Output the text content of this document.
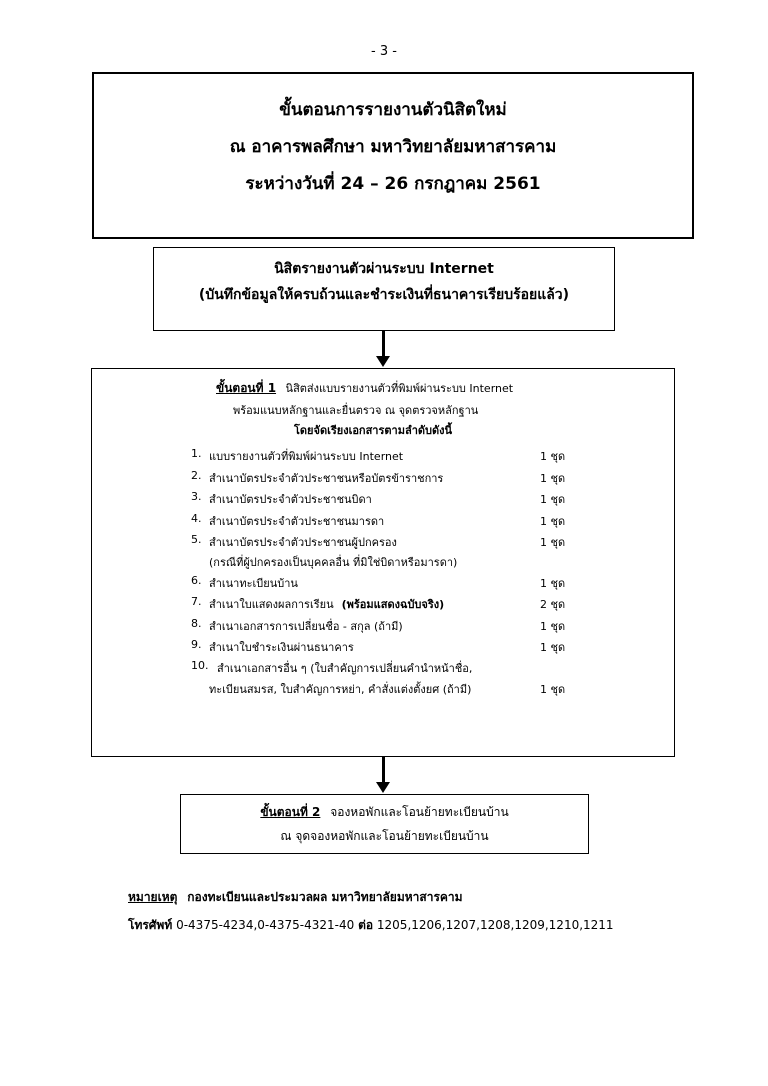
- 3 -
ขั้นตอนการรายงานตัวนิสิตใหม่
ณ อาคารพลศึกษา มหาวิทยาลัยมหาสารคาม
ระหว่างวันที่ 24 – 26 กรกฎาคม 2561
นิสิตรายงานตัวผ่านระบบ Internet
(บันทึกข้อมูลให้ครบถ้วนและชำระเงินที่ธนาคารเรียบร้อยแล้ว)
ขั้นตอนที่ 1 นิสิตส่งแบบรายงานตัวที่พิมพ์ผ่านระบบ Internet
พร้อมแนบหลักฐานและยื่นตรวจ ณ จุดตรวจหลักฐาน
โดยจัดเรียงเอกสารตามลำดับดังนี้
1. แบบรายงานตัวที่พิมพ์ผ่านระบบ Internet	1 ชุด
2. สำเนาบัตรประจำตัวประชาชนหรือบัตรข้าราชการ	1 ชุด
3. สำเนาบัตรประจำตัวประชาชนบิดา	1 ชุด
4. สำเนาบัตรประจำตัวประชาชนมารดา	1 ชุด
5. สำเนาบัตรประจำตัวประชาชนผู้ปกครอง	1 ชุด
(กรณีที่ผู้ปกครองเป็นบุคคลอื่น ที่มิใช่บิดาหรือมารดา)
6. สำเนาทะเบียนบ้าน	1 ชุด
7. สำเนาใบแสดงผลการเรียน (พร้อมแสดงฉบับจริง)	2 ชุด
8. สำเนาเอกสารการเปลี่ยนชื่อ - สกุล (ถ้ามี)	1 ชุด
9. สำเนาใบชำระเงินผ่านธนาคาร	1 ชุด
10. สำเนาเอกสารอื่น ๆ (ใบสำคัญการเปลี่ยนคำนำหน้าชื่อ,
ทะเบียนสมรส, ใบสำคัญการหย่า, คำสั่งแต่งตั้งยศ (ถ้ามี)	1 ชุด
ขั้นตอนที่ 2 จองหอพักและโอนย้ายทะเบียนบ้าน
ณ จุดจองหอพักและโอนย้ายทะเบียนบ้าน
หมายเหตุ กองทะเบียนและประมวลผล มหาวิทยาลัยมหาสารคาม
โทรศัพท์ 0-4375-4234,0-4375-4321-40 ต่อ 1205,1206,1207,1208,1209,1210,1211
